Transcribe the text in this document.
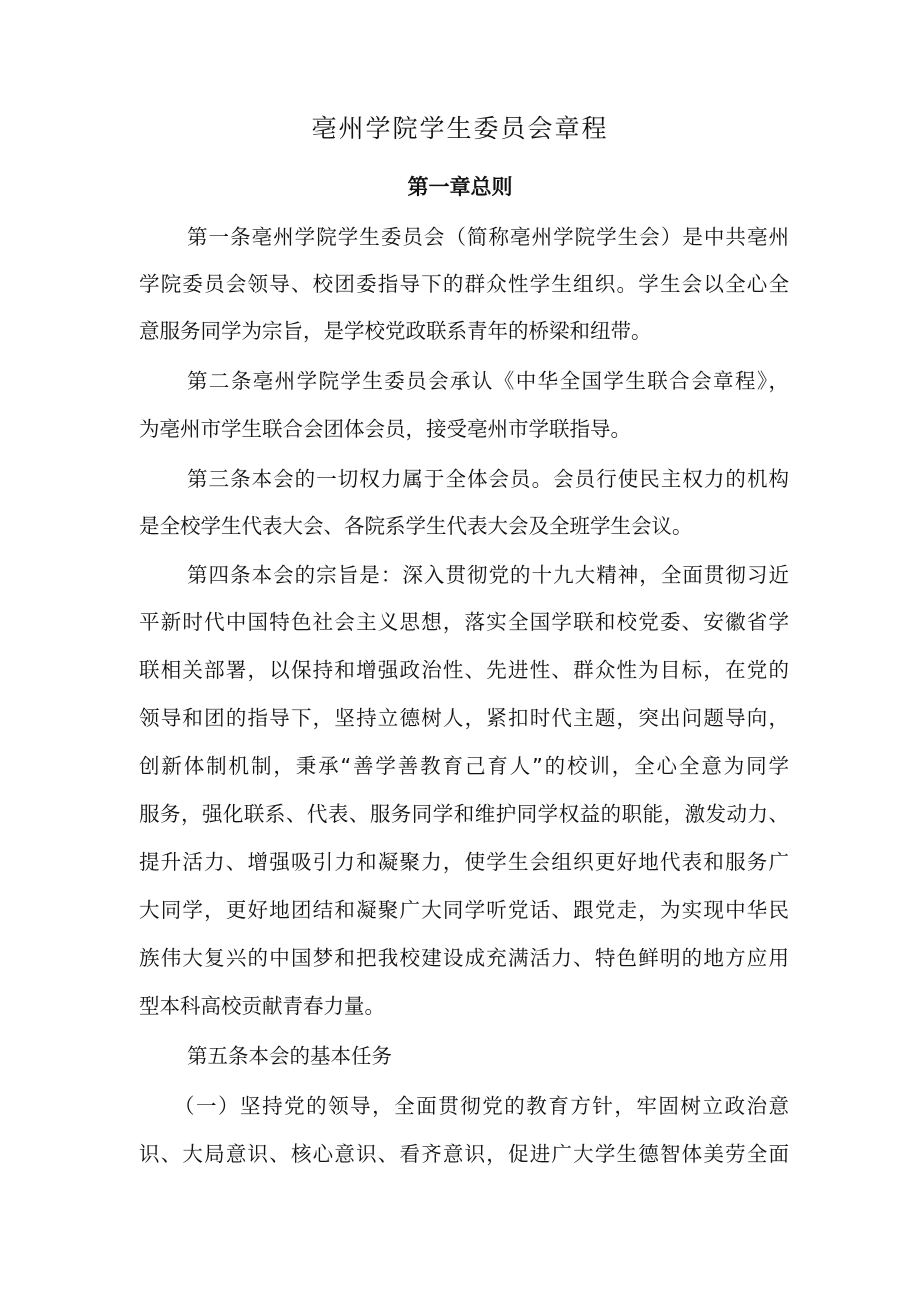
亳州学院学生委员会章程
第一章总则
第一条亳州学院学生委员会（简称亳州学院学生会）是中共亳州
学院委员会领导、校团委指导下的群众性学生组织。学生会以全心全
意服务同学为宗旨，是学校党政联系青年的桥梁和纽带。
第二条亳州学院学生委员会承认《中华全国学生联合会章程》，
为亳州市学生联合会团体会员，接受亳州市学联指导。
第三条本会的一切权力属于全体会员。会员行使民主权力的机构
是全校学生代表大会、各院系学生代表大会及全班学生会议。
第四条本会的宗旨是：深入贯彻党的十九大精神，全面贯彻习近
平新时代中国特色社会主义思想，落实全国学联和校党委、安徽省学
联相关部署，以保持和增强政治性、先进性、群众性为目标，在党的
领导和团的指导下，坚持立德树人，紧扣时代主题，突出问题导向，
创新体制机制，秉承“善学善教育己育人”的校训，全心全意为同学
服务，强化联系、代表、服务同学和维护同学权益的职能，激发动力、
提升活力、增强吸引力和凝聚力，使学生会组织更好地代表和服务广
大同学，更好地团结和凝聚广大同学听党话、跟党走，为实现中华民
族伟大复兴的中国梦和把我校建设成充满活力、特色鲜明的地方应用
型本科高校贡献青春力量。
第五条本会的基本任务
（一）坚持党的领导，全面贯彻党的教育方针，牢固树立政治意
识、大局意识、核心意识、看齐意识，促进广大学生德智体美劳全面
